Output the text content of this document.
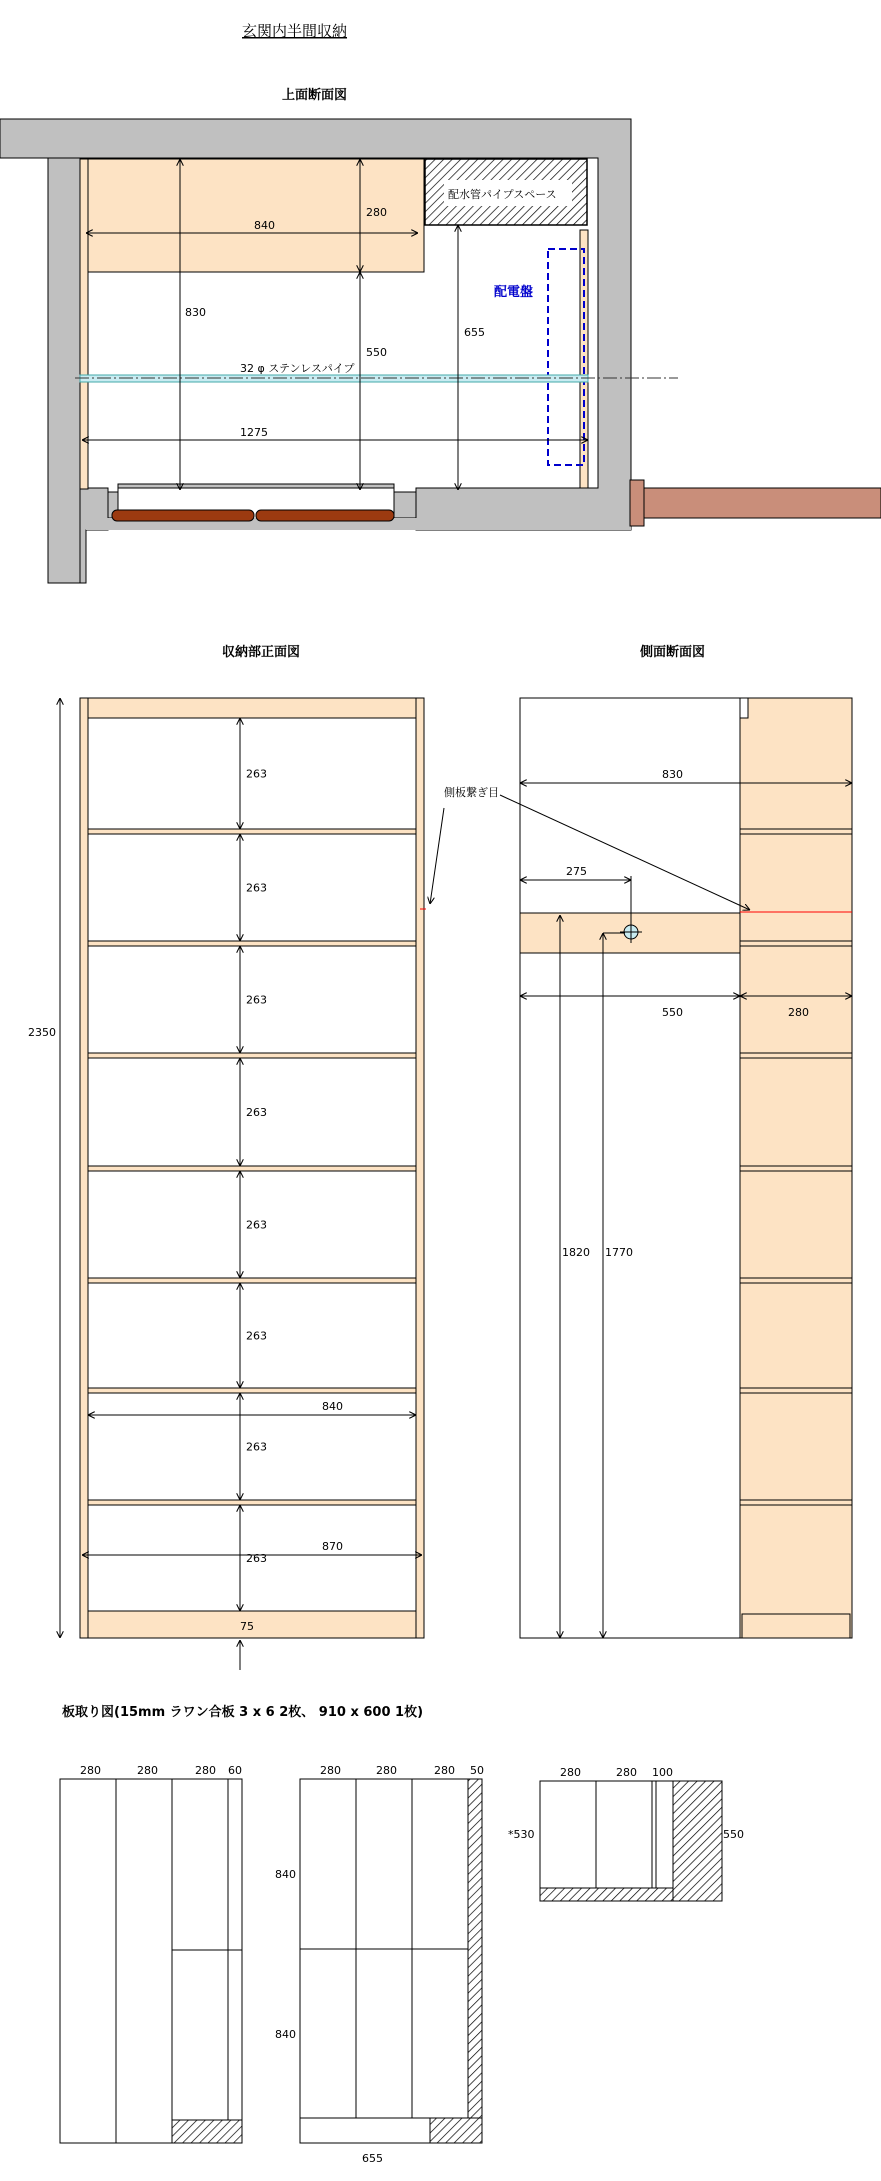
玄関内半間収納
上面断面図
配水管パイプスペース
配電盤
32 φ ステンレスパイプ
840
280
830
550
655
1275
収納部正面図
263
263
263
263
263
263
263
263
75
2350
840
870
側板繋ぎ目
側面断面図
830
275
550	280
1820 1770
板取り図(15mm ラワン合板 3 x 6 2枚、 910 x 600 1枚)
280	280	280 60	280	280	280 50
840
840
655
280	280 100
*530	550
